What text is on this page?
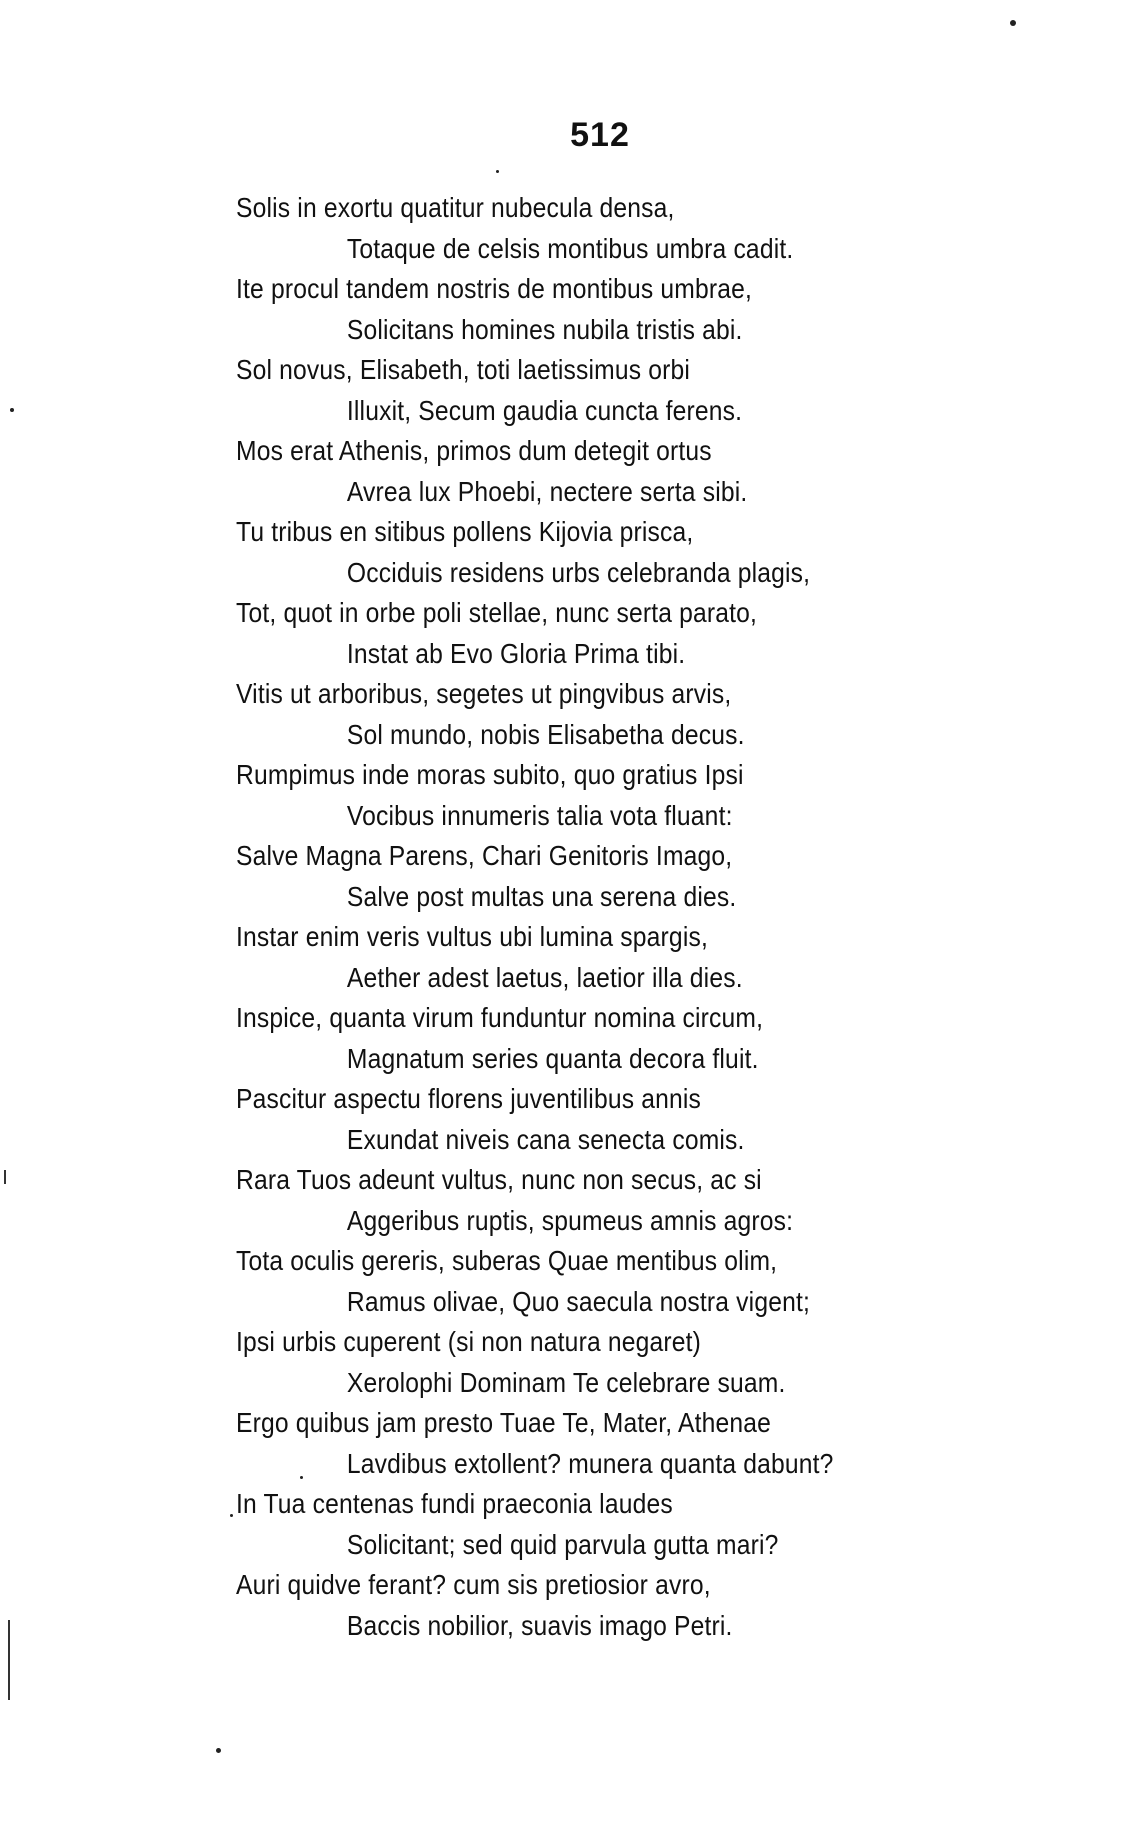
512
Solis in exortu quatitur nubecula densa,
Totaque de celsis montibus umbra cadit.
Ite procul tandem nostris de montibus umbrae,
Solicitans homines nubila tristis abi.
Sol novus, Elisabeth, toti laetissimus orbi
Illuxit, Secum gaudia cuncta ferens.
Mos erat Athenis, primos dum detegit ortus
Avrea lux Phoebi, nectere serta sibi.
Tu tribus en sitibus pollens Kijovia prisca,
Occiduis residens urbs celebranda plagis,
Tot, quot in orbe poli stellae, nunc serta parato,
Instat ab Evo Gloria Prima tibi.
Vitis ut arboribus, segetes ut pingvibus arvis,
Sol mundo, nobis Elisabetha decus.
Rumpimus inde moras subito, quo gratius Ipsi
Vocibus innumeris talia vota fluant:
Salve Magna Parens, Chari Genitoris Imago,
Salve post multas una serena dies.
Instar enim veris vultus ubi lumina spargis,
Aether adest laetus, laetior illa dies.
Inspice, quanta virum funduntur nomina circum,
Magnatum series quanta decora fluit.
Pascitur aspectu florens juventilibus annis
Exundat niveis cana senecta comis.
Rara Tuos adeunt vultus, nunc non secus, ac si
Aggeribus ruptis, spumeus amnis agros:
Tota oculis gereris, suberas Quae mentibus olim,
Ramus olivae, Quo saecula nostra vigent;
Ipsi urbis cuperent (si non natura negaret)
Xerolophi Dominam Te celebrare suam.
Ergo quibus jam presto Tuae Te, Mater, Athenae
Lavdibus extollent? munera quanta dabunt?
In Tua centenas fundi praeconia laudes
Solicitant; sed quid parvula gutta mari?
Auri quidve ferant? cum sis pretiosior avro,
Baccis nobilior, suavis imago Petri.
